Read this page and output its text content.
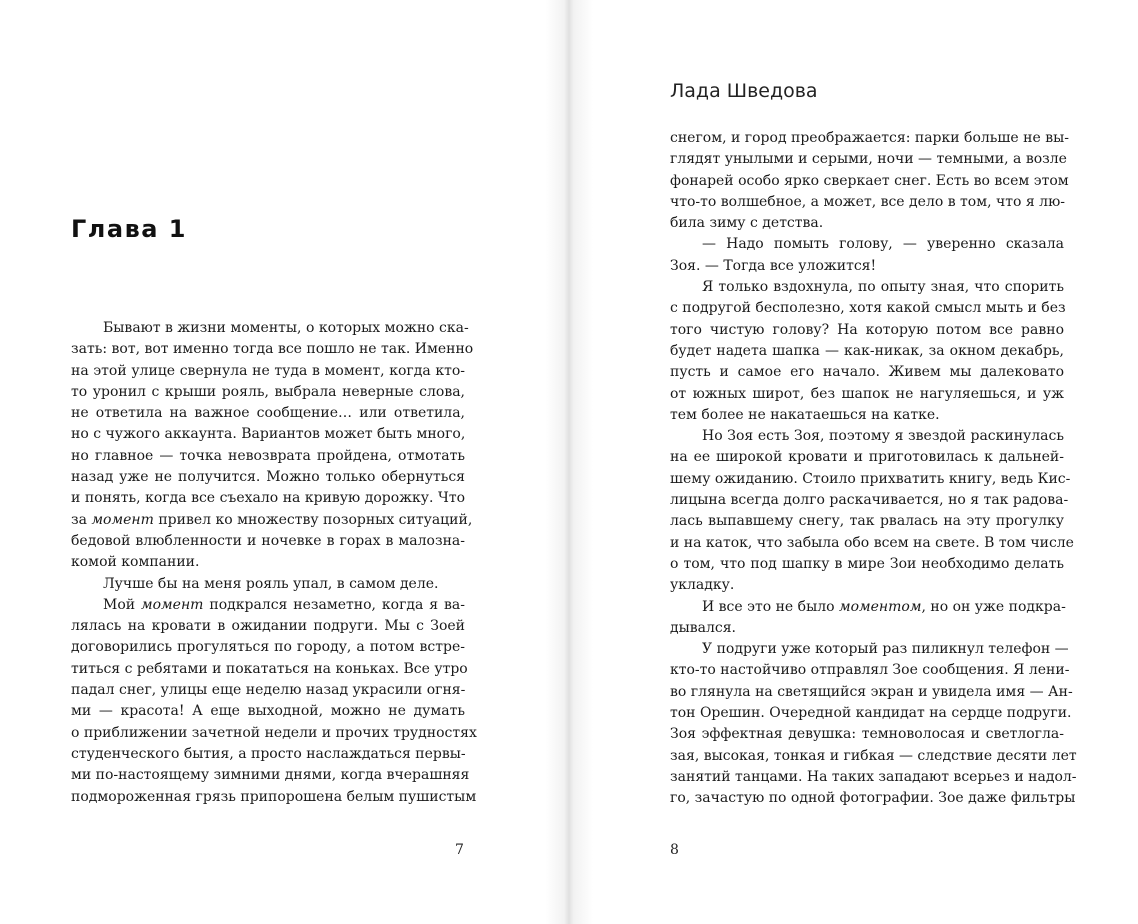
Глава 1
Бывают в жизни моменты, о которых можно ска-
зать: вот, вот именно тогда все пошло не так. Именно
на этой улице свернула не туда в момент, когда кто-
то уронил с крыши рояль, выбрала неверные слова,
не ответила на важное сообщение… или ответила,
но с чужого аккаунта. Вариантов может быть много,
но главное — точка невозврата пройдена, отмотать
назад уже не получится. Можно только обернуться
и понять, когда все съехало на кривую дорожку. Что
за момент привел ко множеству позорных ситуаций,
бедовой влюбленности и ночевке в горах в малозна-
комой компании.
Лучше бы на меня рояль упал, в самом деле.
Мой момент подкрался незаметно, когда я ва-
лялась на кровати в ожидании подруги. Мы с Зоей
договорились прогуляться по городу, а потом встре-
титься с ребятами и покататься на коньках. Все утро
падал снег, улицы еще неделю назад украсили огня-
ми — красота! А еще выходной, можно не думать
о приближении зачетной недели и прочих трудностях
студенческого бытия, а просто наслаждаться первы-
ми по-настоящему зимними днями, когда вчерашняя
подмороженная грязь припорошена белым пушистым
7
Лада Шведова
снегом, и город преображается: парки больше не вы-
глядят унылыми и серыми, ночи — темными, а возле
фонарей особо ярко сверкает снег. Есть во всем этом
что-то волшебное, а может, все дело в том, что я лю-
била зиму с детства.
— Надо помыть голову, — уверенно сказала
Зоя. — Тогда все уложится!
Я только вздохнула, по опыту зная, что спорить
с подругой бесполезно, хотя какой смысл мыть и без
того чистую голову? На которую потом все равно
будет надета шапка — как-никак, за окном декабрь,
пусть и самое его начало. Живем мы далековато
от южных широт, без шапок не нагуляешься, и уж
тем более не накатаешься на катке.
Но Зоя есть Зоя, поэтому я звездой раскинулась
на ее широкой кровати и приготовилась к дальней-
шему ожиданию. Стоило прихватить книгу, ведь Кис-
лицына всегда долго раскачивается, но я так радова-
лась выпавшему снегу, так рвалась на эту прогулку
и на каток, что забыла обо всем на свете. В том числе
о том, что под шапку в мире Зои необходимо делать
укладку.
И все это не было моментом, но он уже подкра-
дывался.
У подруги уже который раз пиликнул телефон —
кто-то настойчиво отправлял Зое сообщения. Я лени-
во глянула на светящийся экран и увидела имя — Ан-
тон Орешин. Очередной кандидат на сердце подруги.
Зоя эффектная девушка: темноволосая и светлогла-
зая, высокая, тонкая и гибкая — следствие десяти лет
занятий танцами. На таких западают всерьез и надол-
го, зачастую по одной фотографии. Зое даже фильтры
8
